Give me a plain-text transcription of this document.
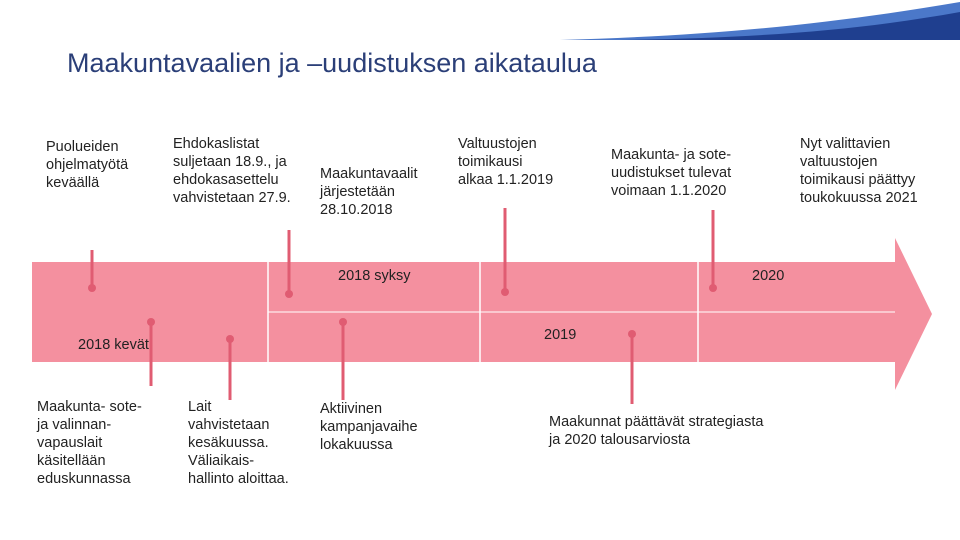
Maakuntavaalien ja –uudistuksen aikataulua
2018 syksy	2020
2019
2018 kevät
Puolueiden
ohjelmatyötä
keväällä
Ehdokaslistat
suljetaan 18.9., ja
ehdokasasettelu
vahvistetaan 27.9.
Maakuntavaalit
järjestetään
28.10.2018
Valtuustojen
toimikausi
alkaa 1.1.2019
Maakunta- ja sote-
uudistukset tulevat
voimaan 1.1.2020
Nyt valittavien
valtuustojen
toimikausi päättyy
toukokuussa 2021
Maakunta- sote-
ja valinnan-
vapauslait
käsitellään
eduskunnassa
Lait
vahvistetaan
kesäkuussa.
Väliaikais-
hallinto aloittaa.
Aktiivinen
kampanjavaihe
lokakuussa
Maakunnat päättävät strategiasta
ja 2020 talousarviosta
